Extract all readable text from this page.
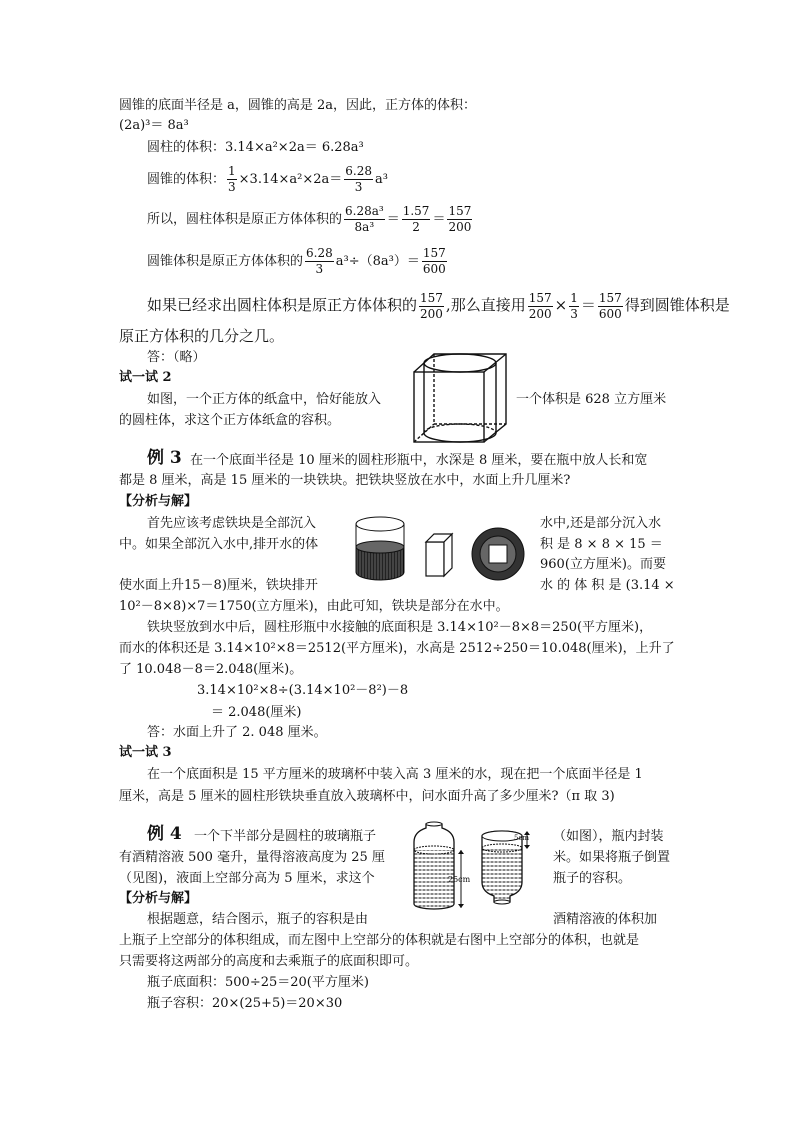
圆锥的底面半径是 a，圆锥的高是 2a，因此，正方体的体积：
(2a)³＝ 8a³
圆柱的体积：3.14×a²×2a＝ 6.28a³
圆锥的体积： $\frac{1}{3} \times 3.14\times a^2\times 2a= \frac{6.28}{3} a^3$
所以，圆柱体积是原正方体体积的 $\frac{\text{6.28a³}}{\text{8a³}} = \frac{1.57}{2} = \frac{157}{200}$
圆锥体积是原正方体体积的 $\frac{6.28}{3} a^3\div(8a^3)= \frac{157}{600}$
如果已经求出圆柱体积是原正方体体积的 $\frac{157}{200}$ ,那么直接用 $\frac{157}{200} \times \frac{1}{3} = \frac{157}{600}$ 得到圆锥体积是
原正方体积的几分之几。
答：（略）
试一试 2
如图，一个正方体的纸盒中，恰好能放入	一个体积是 628 立方厘米
的圆柱体，求这个正方体纸盒的容积。
例 3 在一个底面半径是 10 厘米的圆柱形瓶中，水深是 8 厘米，要在瓶中放人长和宽
都是 8 厘米，高是 15 厘米的一块铁块。把铁块竖放在水中，水面上升几厘米?
【分析与解】
首先应该考虑铁块是全部沉入	水中,还是部分沉入水
中。如果全部沉入水中,排开水的体	积 是 8 × 8 × 15 ＝
960(立方厘米)。而要
使水面上升15－8)厘米，铁块排开	水 的 体 积 是 (3.14 ×
10²－8×8)×7＝1750(立方厘米)，由此可知，铁块是部分在水中。
铁块竖放到水中后，圆柱形瓶中水接触的底面积是 3.14×10²－8×8＝250(平方厘米)，
而水的体积还是 3.14×10²×8＝2512(平方厘米)，水高是 2512÷250＝10.048(厘米)，上升了
了 10.048－8＝2.048(厘米)。
3.14×10²×8÷(3.14×10²－8²)－8
＝ 2.048(厘米)
答：水面上升了 2. 048 厘米。
试一试 3
在一个底面积是 15 平方厘米的玻璃杯中装入高 3 厘米的水，现在把一个底面半径是 1
厘米，高是 5 厘米的圆柱形铁块垂直放入玻璃杯中，问水面升高了多少厘米?（π 取 3)
例 4 一个下半部分是圆柱的玻璃瓶子	（如图），瓶内封装
有酒精溶液 500 毫升，量得溶液高度为 25 厘	米。如果将瓶子倒置
（见图)，液面上空部分高为 5 厘米，求这个	瓶子的容积。
【分析与解】
根据题意，结合图示，瓶子的容积是由	酒精溶液的体积加
上瓶子上空部分的体积组成，而左图中上空部分的体积就是右图中上空部分的体积，也就是
只需要将这两部分的高度和去乘瓶子的底面积即可。
瓶子底面积：500÷25＝20(平方厘米)
瓶子容积：20×(25+5)＝20×30
25cm
5cm
